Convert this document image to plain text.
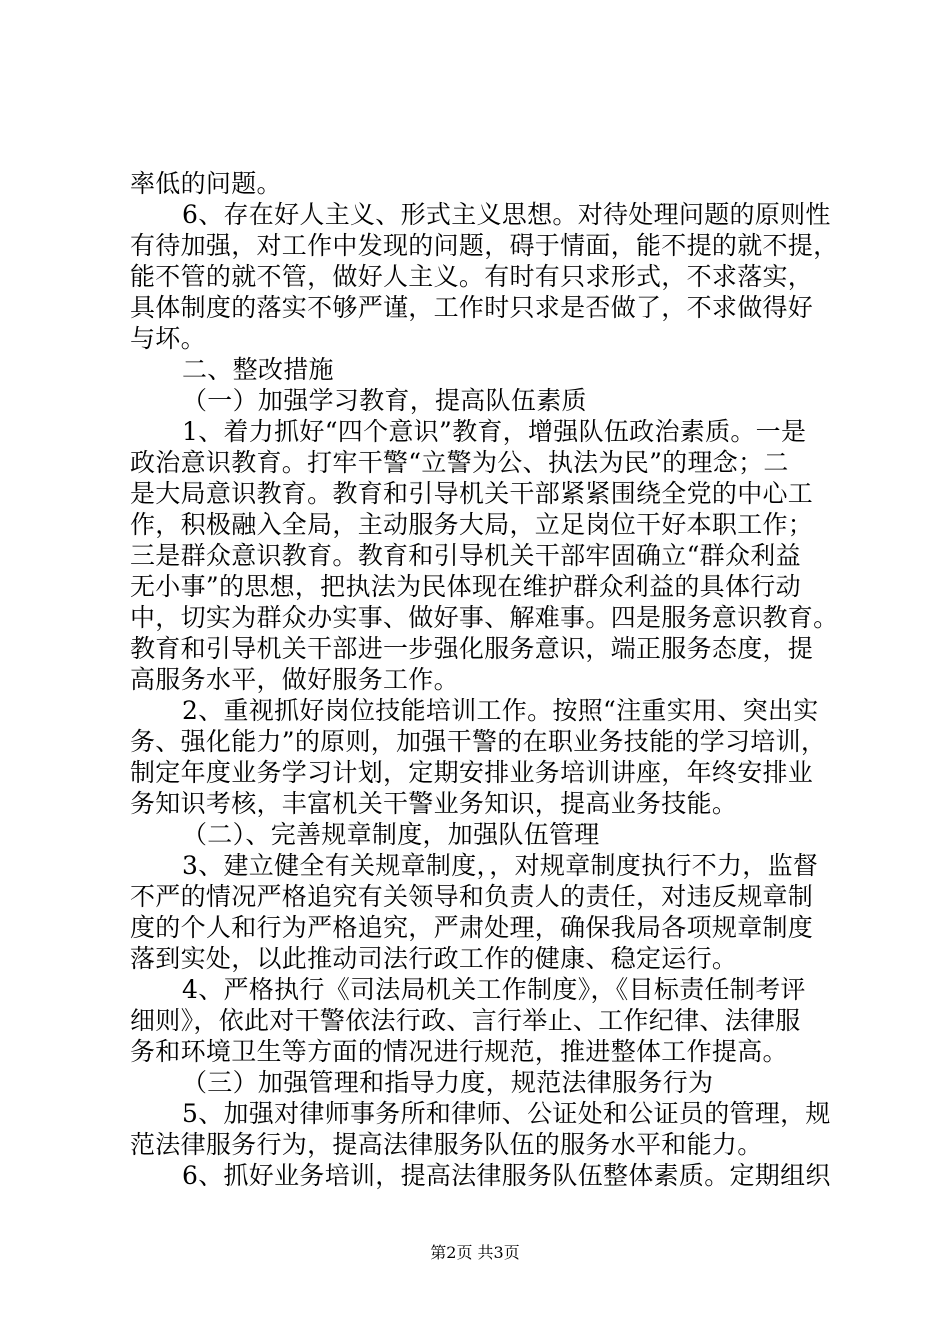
率低的问题。
6、存在好人主义、形式主义思想。对待处理问题的原则性
有待加强，对工作中发现的问题，碍于情面，能不提的就不提，
能不管的就不管，做好人主义。有时有只求形式，不求落实，
具体制度的落实不够严谨，工作时只求是否做了，不求做得好
与坏。
二、整改措施
（一）加强学习教育，提高队伍素质
1、着力抓好“四个意识”教育，增强队伍政治素质。一是
政治意识教育。打牢干警“立警为公、执法为民”的理念；二
是大局意识教育。教育和引导机关干部紧紧围绕全党的中心工
作，积极融入全局，主动服务大局，立足岗位干好本职工作；
三是群众意识教育。教育和引导机关干部牢固确立“群众利益
无小事”的思想，把执法为民体现在维护群众利益的具体行动
中，切实为群众办实事、做好事、解难事。四是服务意识教育。
教育和引导机关干部进一步强化服务意识，端正服务态度，提
高服务水平，做好服务工作。
2、重视抓好岗位技能培训工作。按照“注重实用、突出实
务、强化能力”的原则，加强干警的在职业务技能的学习培训，
制定年度业务学习计划，定期安排业务培训讲座，年终安排业
务知识考核，丰富机关干警业务知识，提高业务技能。
（二）、完善规章制度，加强队伍管理
3、建立健全有关规章制度，，对规章制度执行不力，监督
不严的情况严格追究有关领导和负责人的责任，对违反规章制
度的个人和行为严格追究，严肃处理，确保我局各项规章制度
落到实处，以此推动司法行政工作的健康、稳定运行。
4、严格执行《司法局机关工作制度》，《目标责任制考评
细则》，依此对干警依法行政、言行举止、工作纪律、法律服
务和环境卫生等方面的情况进行规范，推进整体工作提高。
（三）加强管理和指导力度，规范法律服务行为
5、加强对律师事务所和律师、公证处和公证员的管理，规
范法律服务行为，提高法律服务队伍的服务水平和能力。
6、抓好业务培训，提高法律服务队伍整体素质。定期组织
第2页 共3页
